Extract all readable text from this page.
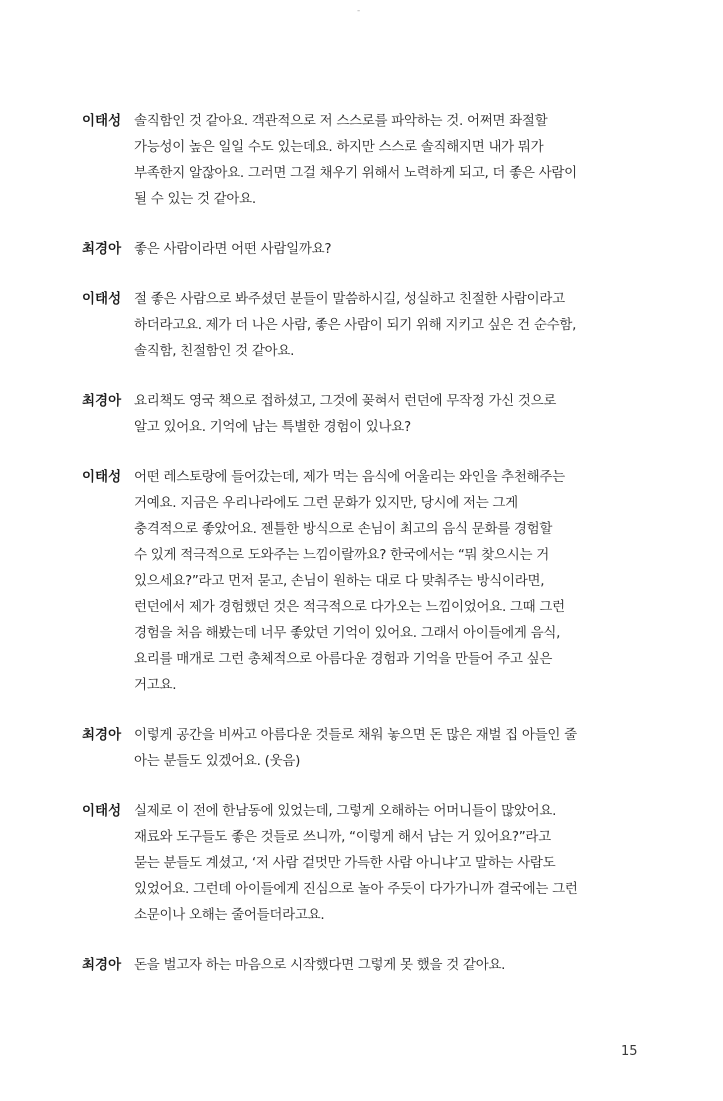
-
이태성 솔직함인 것 같아요. 객관적으로 저 스스로를 파악하는 것. 어쩌면 좌절할
가능성이 높은 일일 수도 있는데요. 하지만 스스로 솔직해지면 내가 뭐가
부족한지 알잖아요. 그러면 그걸 채우기 위해서 노력하게 되고, 더 좋은 사람이
될 수 있는 것 같아요.
최경아 좋은 사람이라면 어떤 사람일까요?
이태성 절 좋은 사람으로 봐주셨던 분들이 말씀하시길, 성실하고 친절한 사람이라고
하더라고요. 제가 더 나은 사람, 좋은 사람이 되기 위해 지키고 싶은 건 순수함,
솔직함, 친절함인 것 같아요.
최경아 요리책도 영국 책으로 접하셨고, 그것에 꽂혀서 런던에 무작정 가신 것으로
알고 있어요. 기억에 남는 특별한 경험이 있나요?
이태성 어떤 레스토랑에 들어갔는데, 제가 먹는 음식에 어울리는 와인을 추천해주는
거예요. 지금은 우리나라에도 그런 문화가 있지만, 당시에 저는 그게
충격적으로 좋았어요. 젠틀한 방식으로 손님이 최고의 음식 문화를 경험할
수 있게 적극적으로 도와주는 느낌이랄까요? 한국에서는 “뭐 찾으시는 거
있으세요?”라고 먼저 묻고, 손님이 원하는 대로 다 맞춰주는 방식이라면,
런던에서 제가 경험했던 것은 적극적으로 다가오는 느낌이었어요. 그때 그런
경험을 처음 해봤는데 너무 좋았던 기억이 있어요. 그래서 아이들에게 음식,
요리를 매개로 그런 총체적으로 아름다운 경험과 기억을 만들어 주고 싶은
거고요.
최경아 이렇게 공간을 비싸고 아름다운 것들로 채워 놓으면 돈 많은 재벌 집 아들인 줄
아는 분들도 있겠어요. (웃음)
이태성 실제로 이 전에 한남동에 있었는데, 그렇게 오해하는 어머니들이 많았어요.
재료와 도구들도 좋은 것들로 쓰니까, “이렇게 해서 남는 거 있어요?”라고
묻는 분들도 계셨고, ‘저 사람 겉멋만 가득한 사람 아니냐’고 말하는 사람도
있었어요. 그런데 아이들에게 진심으로 놀아 주듯이 다가가니까 결국에는 그런
소문이나 오해는 줄어들더라고요.
최경아 돈을 벌고자 하는 마음으로 시작했다면 그렇게 못 했을 것 같아요.
15
